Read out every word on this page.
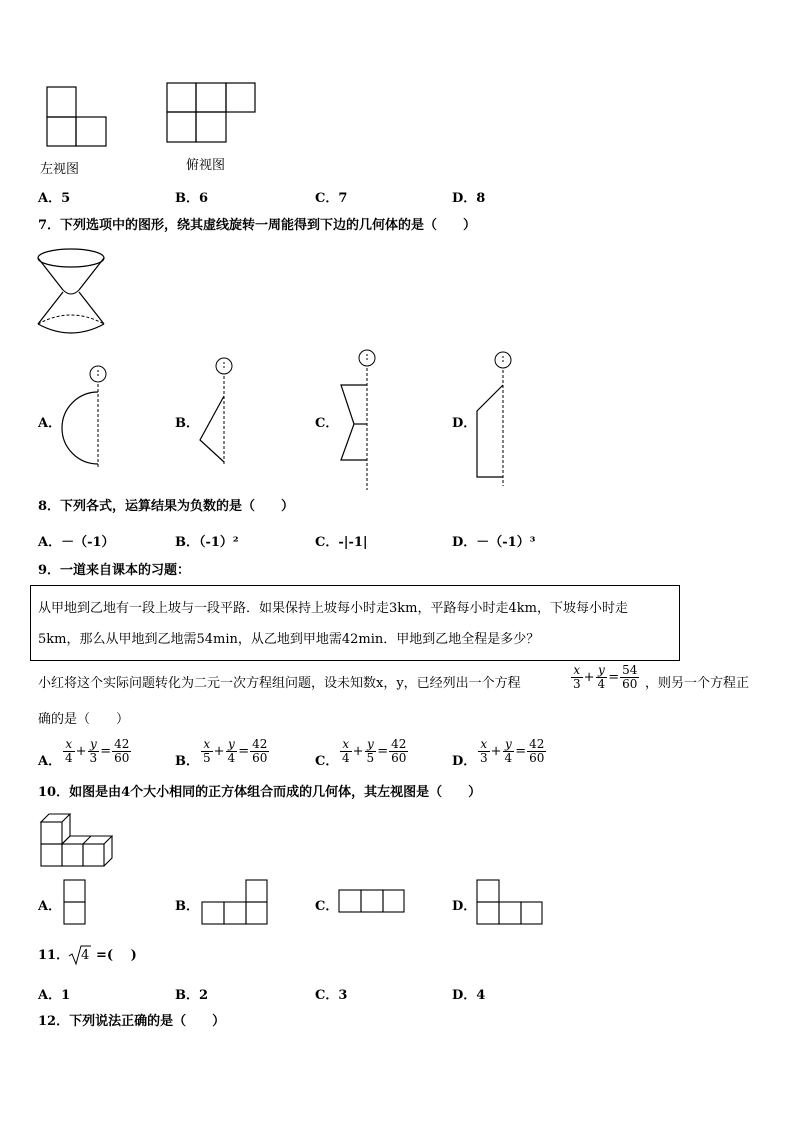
左视图	俯视图
A．5	B．6	C．7	D．8
7．下列选项中的图形，绕其虚线旋转一周能得到下边的几何体的是（　　）
A．	B．	C．	D．
8．下列各式，运算结果为负数的是（　　）
A．－（-1）	B．（-1）²	C．-|-1|	D．－（-1）³
9．一道来自课本的习题：
从甲地到乙地有一段上坡与一段平路．如果保持上坡每小时走3km，平路每小时走4km，下坡每小时走
5km，那么从甲地到乙地需54min，从乙地到甲地需42min．甲地到乙地全程是多少？
小红将这个实际问题转化为二元一次方程组问题，设未知数x，y，已经列出一个方程	$\frac{x}{3} + \frac{y}{4} = \frac{54}{60}$ ，则另一个方程正
确的是（　　）
A． $\frac{x}{4} + \frac{y}{3} = \frac{42}{60}$	B． $\frac{x}{5} + \frac{y}{4} = \frac{42}{60}$	C． $\frac{x}{4} + \frac{y}{5} = \frac{42}{60}$	D． $\frac{x}{3} + \frac{y}{4} = \frac{42}{60}$
10．如图是由4个大小相同的正方体组合而成的几何体，其左视图是（　　）
A．	B．	C．	D．
11． 4 =(　 )
A．1	B．2	C．3	D．4
12．下列说法正确的是（　　）
